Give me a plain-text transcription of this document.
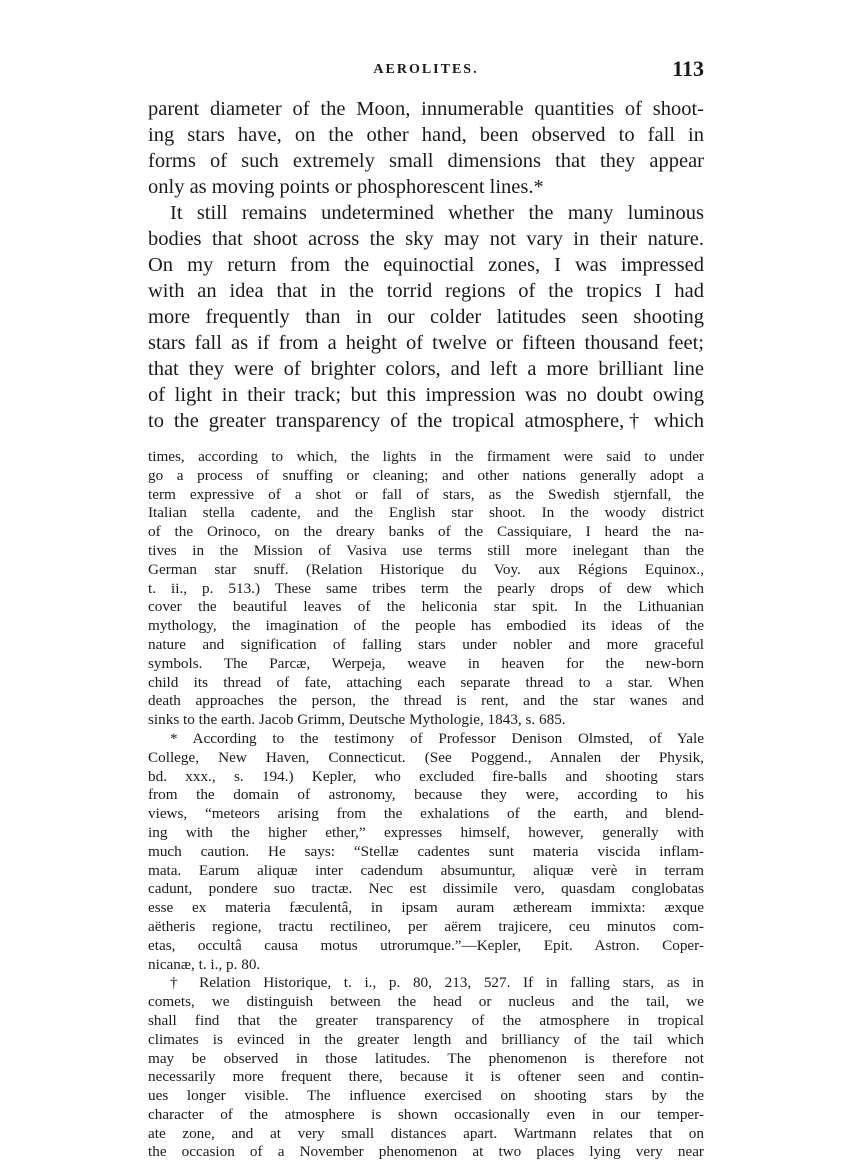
AEROLITES.	113
parent diameter of the Moon, innumerable quantities of shoot-
ing stars have, on the other hand, been observed to fall in
forms of such extremely small dimensions that they appear
only as moving points or phosphorescent lines.*
It still remains undetermined whether the many luminous
bodies that shoot across the sky may not vary in their nature.
On my return from the equinoctial zones, I was impressed
with an idea that in the torrid regions of the tropics I had
more frequently than in our colder latitudes seen shooting
stars fall as if from a height of twelve or fifteen thousand feet;
that they were of brighter colors, and left a more brilliant line
of light in their track; but this impression was no doubt owing
to the greater transparency of the tropical atmosphere,† which
times, according to which, the lights in the firmament were said to under
go a process of snuffing or cleaning; and other nations generally adopt a
term expressive of a shot or fall of stars, as the Swedish stjernfall, the
Italian stella cadente, and the English star shoot. In the woody district
of the Orinoco, on the dreary banks of the Cassiquiare, I heard the na-
tives in the Mission of Vasiva use terms still more inelegant than the
German star snuff. (Relation Historique du Voy. aux Régions Equinox.,
t. ii., p. 513.) These same tribes term the pearly drops of dew which
cover the beautiful leaves of the heliconia star spit. In the Lithuanian
mythology, the imagination of the people has embodied its ideas of the
nature and signification of falling stars under nobler and more graceful
symbols. The Parcæ, Werpeja, weave in heaven for the new-born
child its thread of fate, attaching each separate thread to a star. When
death approaches the person, the thread is rent, and the star wanes and
sinks to the earth. Jacob Grimm, Deutsche Mythologie, 1843, s. 685.
* According to the testimony of Professor Denison Olmsted, of Yale
College, New Haven, Connecticut. (See Poggend., Annalen der Physik,
bd. xxx., s. 194.) Kepler, who excluded fire-balls and shooting stars
from the domain of astronomy, because they were, according to his
views, “meteors arising from the exhalations of the earth, and blend-
ing with the higher ether,” expresses himself, however, generally with
much caution. He says: “Stellæ cadentes sunt materia viscida inflam-
mata. Earum aliquæ inter cadendum absumuntur, aliquæ verè in terram
cadunt, pondere suo tractæ. Nec est dissimile vero, quasdam conglobatas
esse ex materia fæculentâ, in ipsam auram ætheream immixta: æxque
aëtheris regione, tractu rectilineo, per aërem trajicere, ceu minutos com-
etas, occultâ causa motus utrorumque.”—Kepler, Epit. Astron. Coper-
nicanæ, t. i., p. 80.
† Relation Historique, t. i., p. 80, 213, 527. If in falling stars, as in
comets, we distinguish between the head or nucleus and the tail, we
shall find that the greater transparency of the atmosphere in tropical
climates is evinced in the greater length and brilliancy of the tail which
may be observed in those latitudes. The phenomenon is therefore not
necessarily more frequent there, because it is oftener seen and contin-
ues longer visible. The influence exercised on shooting stars by the
character of the atmosphere is shown occasionally even in our temper-
ate zone, and at very small distances apart. Wartmann relates that on
the occasion of a November phenomenon at two places lying very near
